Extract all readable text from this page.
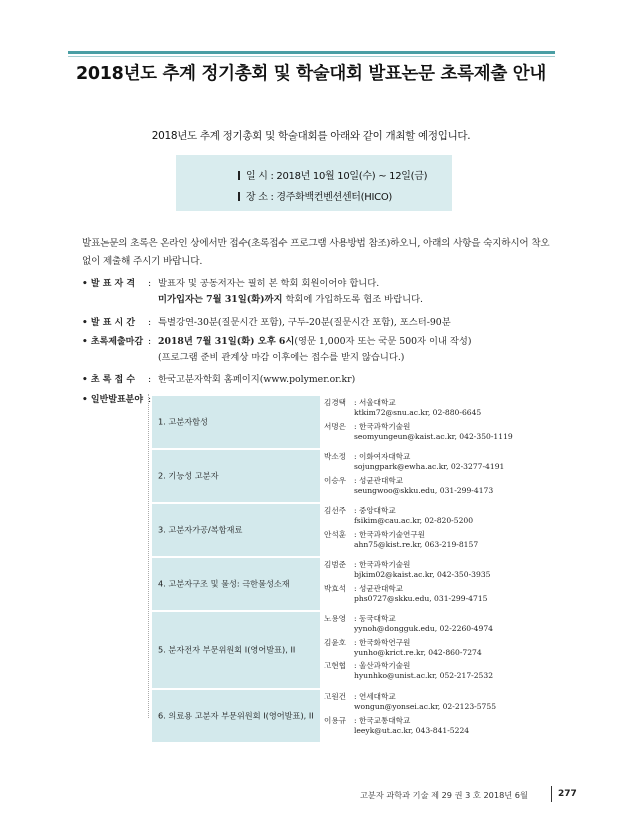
2018년도 추계 정기총회 및 학술대회 발표논문 초록제출 안내
2018년도 추계 정기총회 및 학술대회를 아래와 같이 개최할 예정입니다.
일 시 : 2018년 10월 10일(수) ~ 12일(금)
장 소 : 경주화백컨벤션센터(HICO)
발표논문의 초록은 온라인 상에서만 접수(초록접수 프로그램 사용방법 참조)하오니, 아래의 사항을 숙지하시어 착오 없이 제출해 주시기 바랍니다.
• 발 표 자 격 : 발표자 및 공동저자는 필히 본 학회 회원이어야 합니다.
미가입자는 7월 31일(화)까지 학회에 가입하도록 협조 바랍니다.
• 발 표 시 간 : 특별강연-30분(질문시간 포함), 구두-20분(질문시간 포함), 포스터-90분
• 초록제출마감 : 2018년 7월 31일(화) 오후 6시(영문 1,000자 또는 국문 500자 이내 작성)
(프로그램 준비 관계상 마감 이후에는 접수를 받지 않습니다.)
• 초 록 접 수 : 한국고분자학회 홈페이지(www.polymer.or.kr)
• 일반발표분야 :
1. 고분자합성
김경택 : 서울대학교
ktkim72@snu.ac.kr, 02-880-6645
서명은 : 한국과학기술원
seomyungeun@kaist.ac.kr, 042-350-1119
2. 기능성 고분자
박소정 : 이화여자대학교
sojungpark@ewha.ac.kr, 02-3277-4191
이승우 : 성균관대학교
seungwoo@skku.edu, 031-299-4173
3. 고분자가공/복합재료
김선주 : 중앙대학교
fsikim@cau.ac.kr, 02-820-5200
안석훈 : 한국과학기술연구원
ahn75@kist.re.kr, 063-219-8157
4. 고분자구조 및 물성: 극한물성소재
김범준 : 한국과학기술원
bjkim02@kaist.ac.kr, 042-350-3935
박효석 : 성균관대학교
phs0727@skku.edu, 031-299-4715
5. 분자전자 부문위원회 I(영어발표), II
노용영 : 동국대학교
yynoh@dongguk.edu, 02-2260-4974
김윤호 : 한국화학연구원
yunho@krict.re.kr, 042-860-7274
고현협 : 울산과학기술원
hyunhko@unist.ac.kr, 052-217-2532
6. 의료용 고분자 부문위원회 I(영어발표), II
고원건 : 연세대학교
wongun@yonsei.ac.kr, 02-2123-5755
이용규 : 한국교통대학교
leeyk@ut.ac.kr, 043-841-5224
고분자 과학과 기술 제 29 권 3 호 2018년 6월	277
